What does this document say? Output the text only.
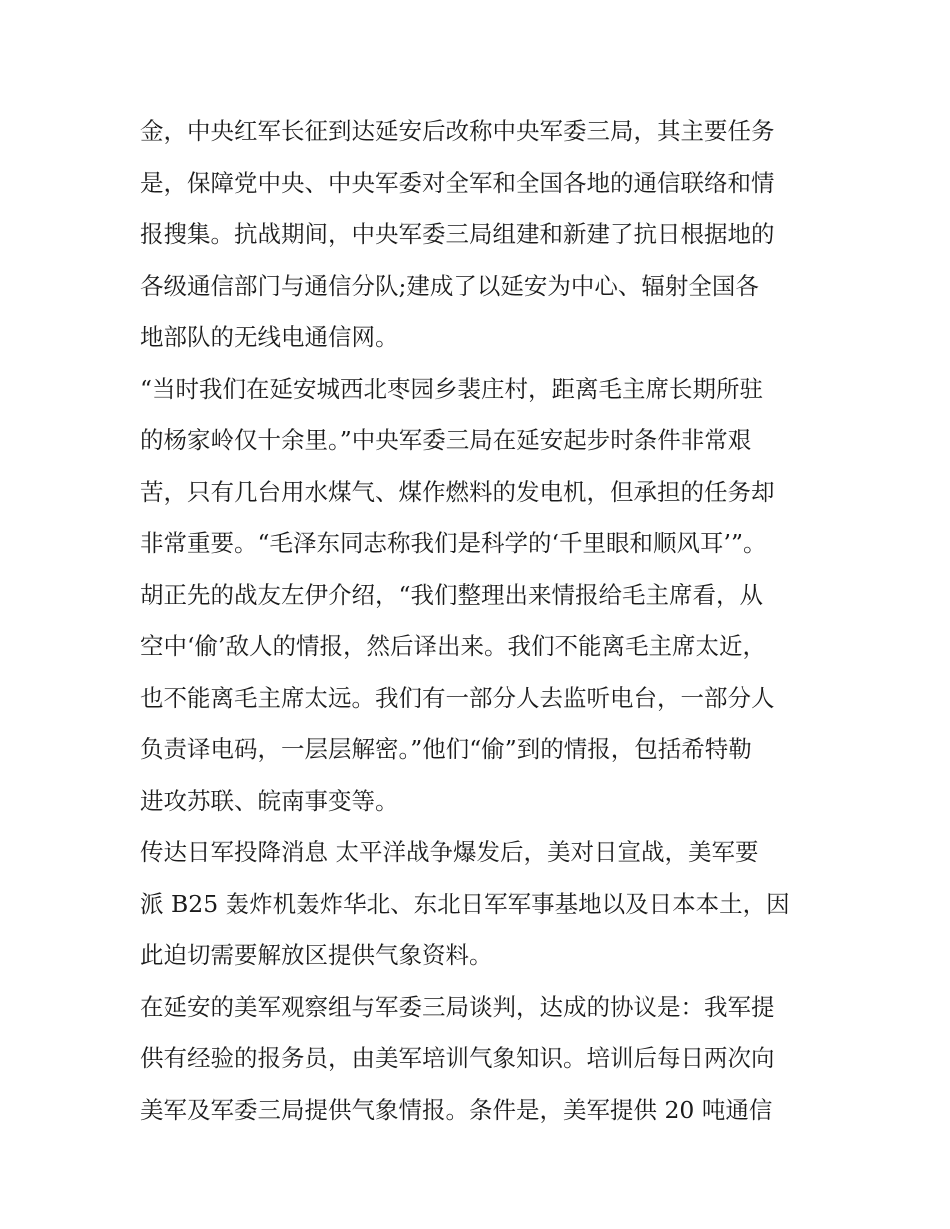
金，中央红军长征到达延安后改称中央军委三局，其主要任务
是，保障党中央、中央军委对全军和全国各地的通信联络和情
报搜集。抗战期间，中央军委三局组建和新建了抗日根据地的
各级通信部门与通信分队;建成了以延安为中心、辐射全国各
地部队的无线电通信网。

“当时我们在延安城西北枣园乡裴庄村，距离毛主席长期所驻
的杨家岭仅十余里。”中央军委三局在延安起步时条件非常艰
苦，只有几台用水煤气、煤作燃料的发电机，但承担的任务却
非常重要。“毛泽东同志称我们是科学的‘千里眼和顺风耳’”。
胡正先的战友左伊介绍，“我们整理出来情报给毛主席看，从
空中‘偷’敌人的情报，然后译出来。我们不能离毛主席太近，
也不能离毛主席太远。我们有一部分人去监听电台，一部分人
负责译电码，一层层解密。”他们“偷”到的情报，包括希特勒
进攻苏联、皖南事变等。

传达日军投降消息 太平洋战争爆发后，美对日宣战，美军要
派 B25 轰炸机轰炸华北、东北日军军事基地以及日本本土，因
此迫切需要解放区提供气象资料。

在延安的美军观察组与军委三局谈判，达成的协议是：我军提
供有经验的报务员，由美军培训气象知识。培训后每日两次向
美军及军委三局提供气象情报。条件是，美军提供 20 吨通信
